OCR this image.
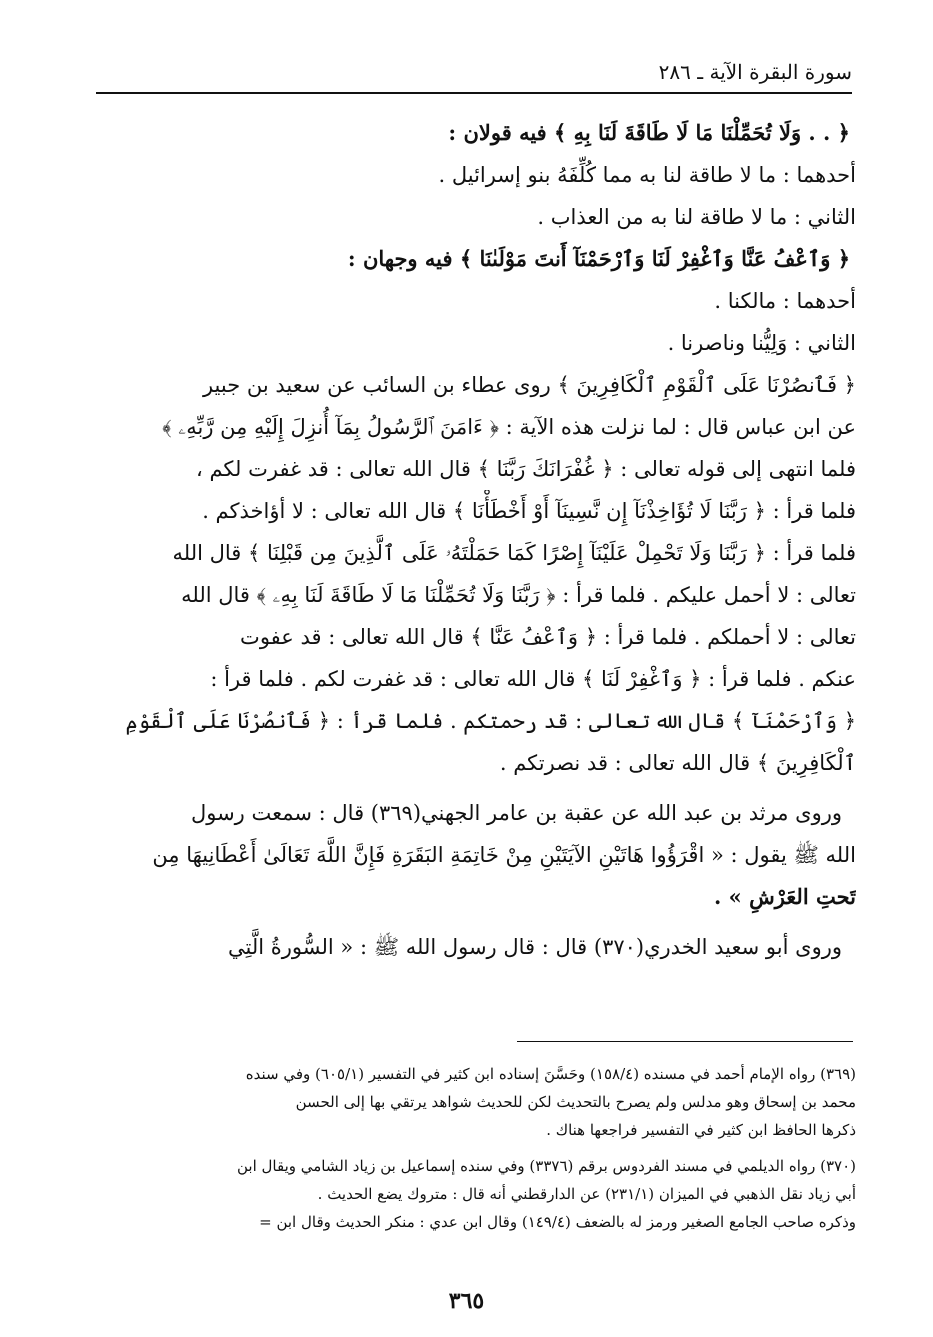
سورة البقرة الآية ـ ٢٨٦
﴿ . . وَلَا تُحَمِّلْنَا مَا لَا طَاقَةَ لَنَا بِهِ ﴾ فيه قولان :
أحدهما : ما لا طاقة لنا به مما كُلِّفَهُ بنو إسرائيل .
الثاني : ما لا طاقة لنا به من العذاب .
﴿ وَٱعْفُ عَنَّا وَٱغْفِرْ لَنَا وَٱرْحَمْنَآ أَنتَ مَوْلَىٰنَا ﴾ فيه وجهان :
أحدهما : مالكنا .
الثاني : وَلِيُّنا وناصرنا .
﴿ فَٱنصُرْنَا عَلَى ٱلْقَوْمِ ٱلْكَافِرِينَ ﴾ روى عطاء بن السائب عن سعيد بن جبير
عن ابن عباس قال : لما نزلت هذه الآية : ﴿ ءَامَنَ ٱلرَّسُولُ بِمَآ أُنزِلَ إِلَيْهِ مِن رَّبِّهِۦ ﴾
فلما انتهى إلى قوله تعالى : ﴿ غُفْرَانَكَ رَبَّنَا ﴾ قال الله تعالى : قد غفرت لكم ،
فلما قرأ : ﴿ رَبَّنَا لَا تُؤَاخِذْنَآ إِن نَّسِينَآ أَوْ أَخْطَأْنَا ﴾ قال الله تعالى : لا أؤاخذكم .
فلما قرأ : ﴿ رَبَّنَا وَلَا تَحْمِلْ عَلَيْنَآ إِصْرًا كَمَا حَمَلْتَهُۥ عَلَى ٱلَّذِينَ مِن قَبْلِنَا ﴾ قال الله
تعالى : لا أحمل عليكم . فلما قرأ : ﴿ رَبَّنَا وَلَا تُحَمِّلْنَا مَا لَا طَاقَةَ لَنَا بِهِۦ ﴾ قال الله
تعالى : لا أحملكم . فلما قرأ : ﴿ وَٱعْفُ عَنَّا ﴾ قال الله تعالى : قد عفوت
عنكم . فلما قرأ : ﴿ وَٱغْفِرْ لَنَا ﴾ قال الله تعالى : قد غفرت لكم . فلما قرأ :
﴿ وَٱرْحَمْنَآ ﴾ قال الله تعالى : قد رحمتكم . فلما قرأ : ﴿ فَٱنصُرْنَا عَلَى ٱلْقَوْمِ
ٱلْكَافِرِينَ ﴾ قال الله تعالى : قد نصرتكم .
وروى مرثد بن عبد الله عن عقبة بن عامر الجهني(٣٦٩) قال : سمعت رسول
الله ﷺ يقول : « اقْرَؤُوا هَاتَيْنِ الآيَتَيْنِ مِنْ خَاتِمَةِ البَقَرَةِ فَإِنَّ اللَّهَ تَعَالَىٰ أَعْطَانِيهَا مِن
تَحتِ العَرْشِ » .
وروى أبو سعيد الخدري(٣٧٠) قال : قال رسول الله ﷺ : « السُّورةُ الَّتِي
(٣٦٩) رواه الإمام أحمد في مسنده (١٥٨/٤) وحَسَّنَ إسناده ابن كثير في التفسير (٦٠٥/١) وفي سنده
محمد بن إسحاق وهو مدلس ولم يصرح بالتحديث لكن للحديث شواهد يرتقي بها إلى الحسن
ذكرها الحافظ ابن كثير في التفسير فراجعها هناك .
(٣٧٠) رواه الديلمي في مسند الفردوس برقم (٣٣٧٦) وفي سنده إسماعيل بن زياد الشامي ويقال ابن
أبي زياد نقل الذهبي في الميزان (٢٣١/١) عن الدارقطني أنه قال : متروك يضع الحديث .
وذكره صاحب الجامع الصغير ورمز له بالضعف (١٤٩/٤) وقال ابن عدي : منكر الحديث وقال ابن =
٣٦٥
